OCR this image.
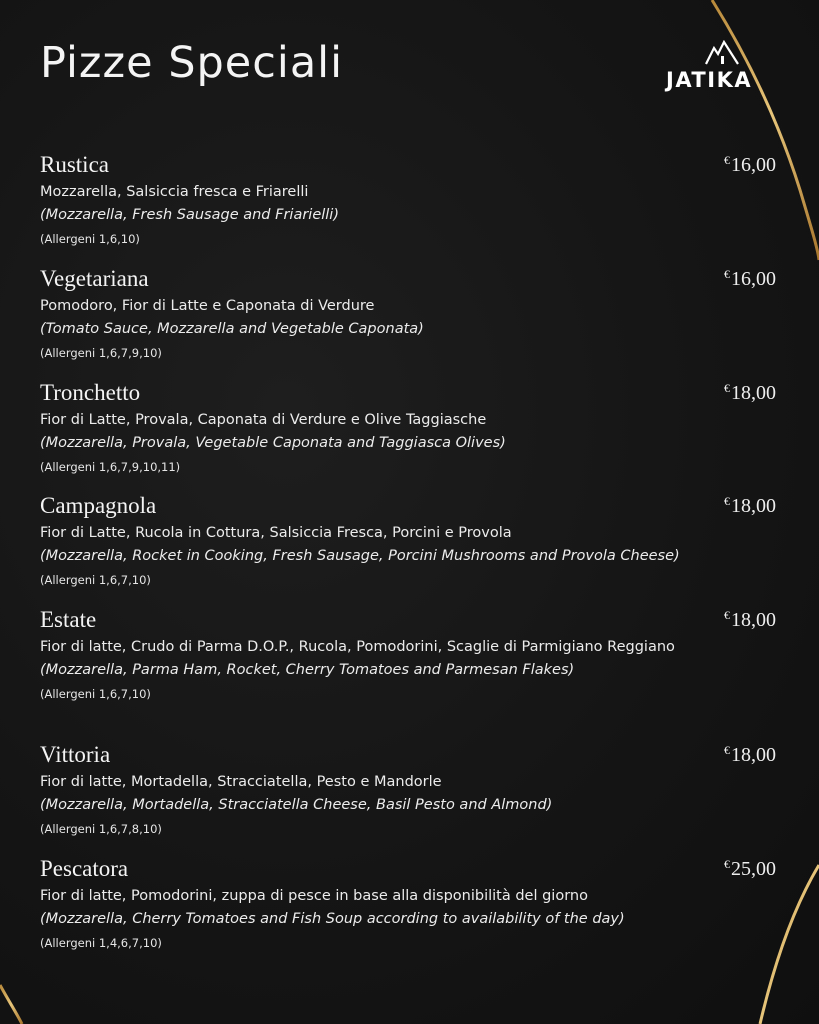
Pizze Speciali	JATIKA
Rustica	€16,00
Mozzarella, Salsiccia fresca e Friarelli
(Mozzarella, Fresh Sausage and Friarielli)
(Allergeni 1,6,10)
Vegetariana	€16,00
Pomodoro, Fior di Latte e Caponata di Verdure
(Tomato Sauce, Mozzarella and Vegetable Caponata)
(Allergeni 1,6,7,9,10)
Tronchetto	€18,00
Fior di Latte, Provala, Caponata di Verdure e Olive Taggiasche
(Mozzarella, Provala, Vegetable Caponata and Taggiasca Olives)
(Allergeni 1,6,7,9,10,11)
Campagnola	€18,00
Fior di Latte, Rucola in Cottura, Salsiccia Fresca, Porcini e Provola
(Mozzarella, Rocket in Cooking, Fresh Sausage, Porcini Mushrooms and Provola Cheese)
(Allergeni 1,6,7,10)
Estate	€18,00
Fior di latte, Crudo di Parma D.O.P., Rucola, Pomodorini, Scaglie di Parmigiano Reggiano
(Mozzarella, Parma Ham, Rocket, Cherry Tomatoes and Parmesan Flakes)
(Allergeni 1,6,7,10)
Vittoria	€18,00
Fior di latte, Mortadella, Stracciatella, Pesto e Mandorle
(Mozzarella, Mortadella, Stracciatella Cheese, Basil Pesto and Almond)
(Allergeni 1,6,7,8,10)
Pescatora	€25,00
Fior di latte, Pomodorini, zuppa di pesce in base alla disponibilità del giorno
(Mozzarella, Cherry Tomatoes and Fish Soup according to availability of the day)
(Allergeni 1,4,6,7,10)
